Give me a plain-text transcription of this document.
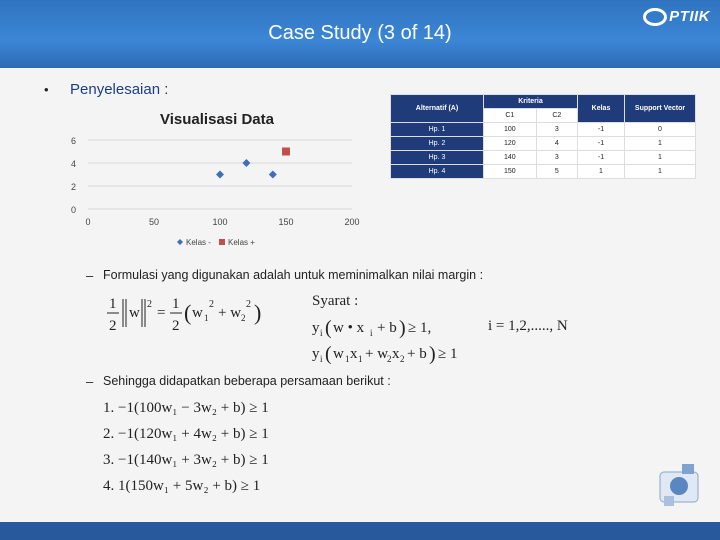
Case Study (3 of 14)
PTIIK
• Penyelesaian :
Visualisasi Data
0
2
4
6
0	50	100	150	200
Kelas - Kelas +
Alternatif (A)	Kriteria		Kelas	Support Vector
	C1	C2		
Hp. 1	100	3	-1	0
Hp. 2	120	4	-1	1
Hp. 3	140	3	-1	1
Hp. 4	150	5	1	1
– Formulasi yang digunakan adalah untuk meminimalkan nilai margin :
1
2
w
2
=
1
2
( w 1
2
+ w 2
2 )	Syarat :
y i ( w • x i + b ) ≥ 1,
y i ( w 1 x 1 + w
2 x 2 + b ) ≥ 1
i = 1,2,....., N
– Sehingga didapatkan beberapa persamaan berikut :
1. −1(100w₁ − 3w₂ + b) ≥ 1
2. −1(120w₁ + 4w₂ + b) ≥ 1
3. −1(140w₁ + 3w₂ + b) ≥ 1
4. 1(150w₁ + 5w₂ + b) ≥ 1
